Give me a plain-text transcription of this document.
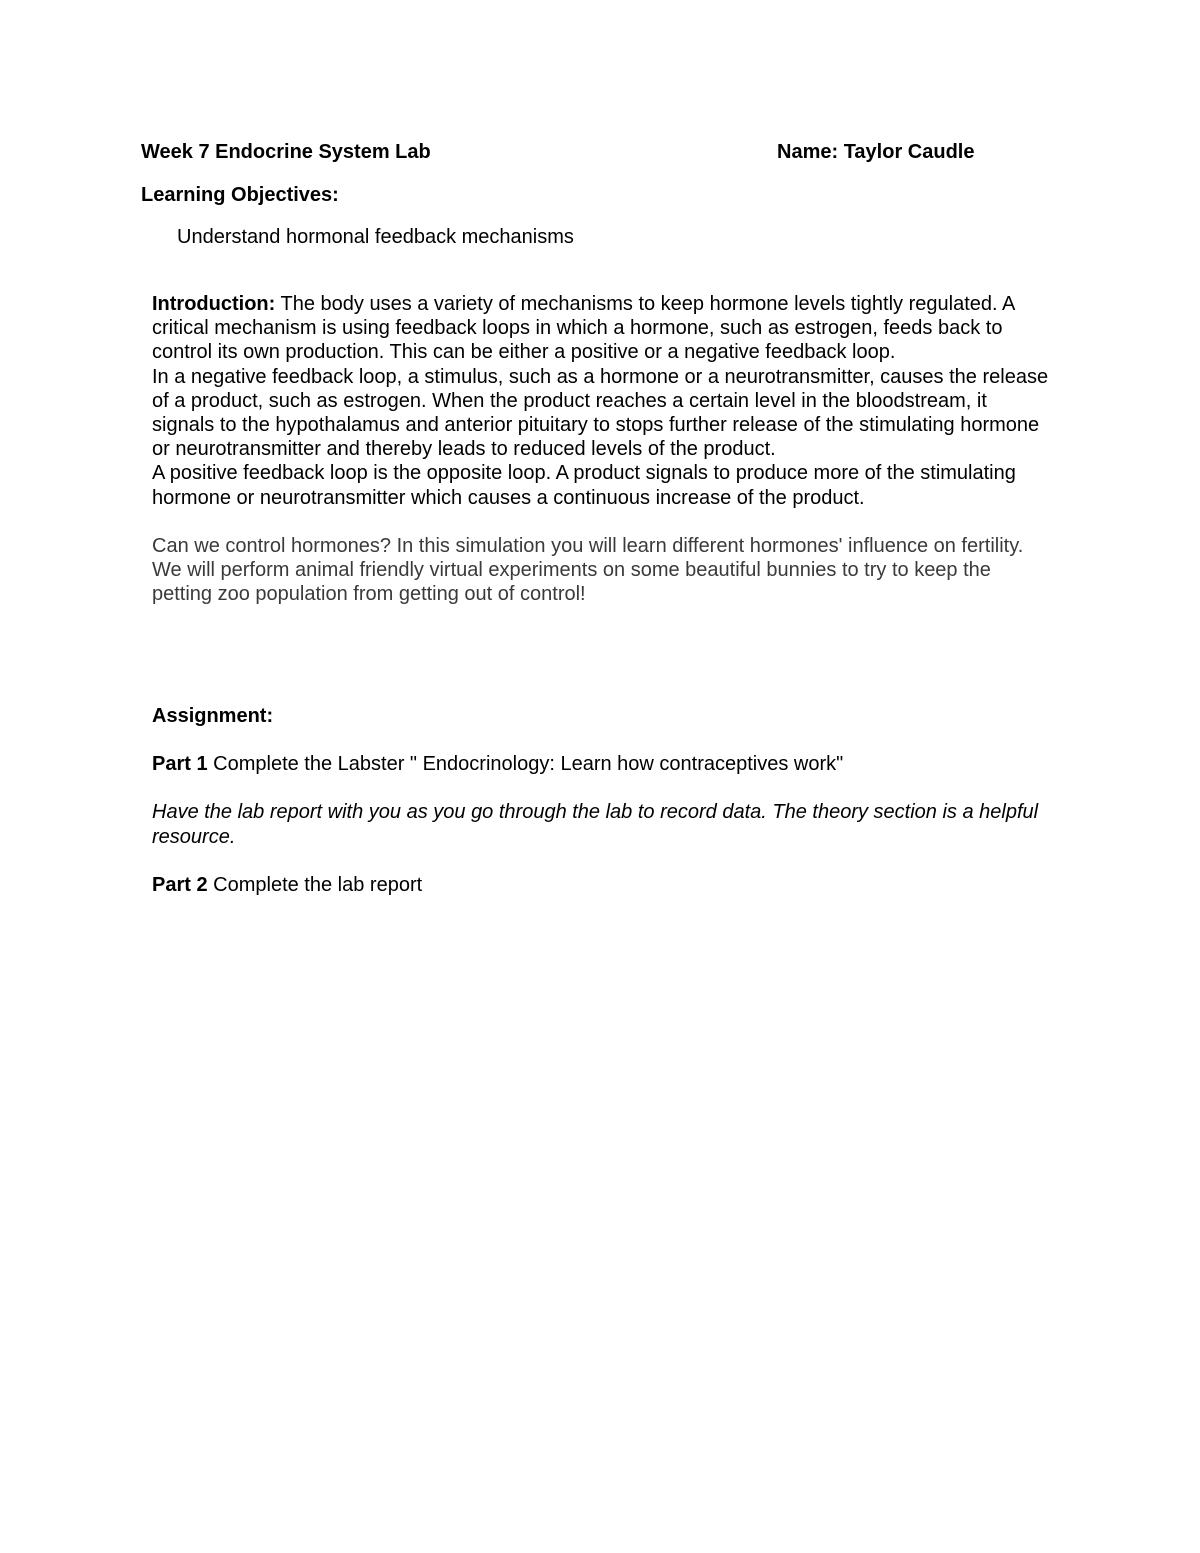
Week 7 Endocrine System Lab	Name: Taylor Caudle
Learning Objectives:
Understand hormonal feedback mechanisms

Introduction: The body uses a variety of mechanisms to keep hormone levels tightly regulated. A critical mechanism is using feedback loops in which a hormone, such as estrogen, feeds back to control its own production. This can be either a positive or a negative feedback loop.

In a negative feedback loop, a stimulus, such as a hormone or a neurotransmitter, causes the release of a product, such as estrogen. When the product reaches a certain level in the bloodstream, it signals to the hypothalamus and anterior pituitary to stops further release of the stimulating hormone or neurotransmitter and thereby leads to reduced levels of the product.

A positive feedback loop is the opposite loop. A product signals to produce more of the stimulating hormone or neurotransmitter which causes a continuous increase of the product.

Can we control hormones? In this simulation you will learn different hormones' influence on fertility. We will perform animal friendly virtual experiments on some beautiful bunnies to try to keep the petting zoo population from getting out of control!

Assignment:

Part 1 Complete the Labster " Endocrinology: Learn how contraceptives work"

Have the lab report with you as you go through the lab to record data. The theory section is a helpful resource.

Part 2 Complete the lab report
